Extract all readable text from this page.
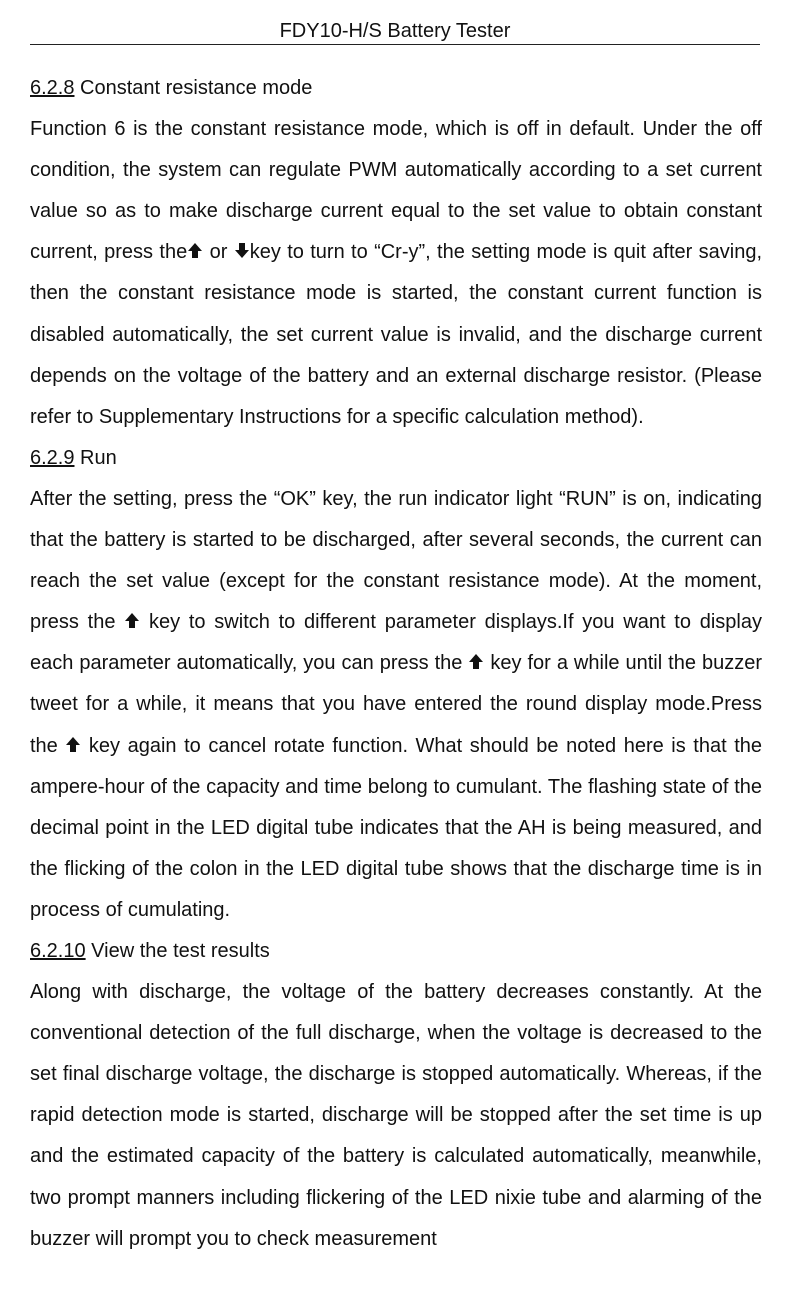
FDY10-H/S Battery Tester

6.2.8 Constant resistance mode

Function 6 is the constant resistance mode, which is off in default. Under the off condition, the system can regulate PWM automatically according to a set current value so as to make discharge current equal to the set value to obtain constant current, press the
or
key to turn to “Cr-y”, the setting mode is quit after saving, then the constant resistance mode is started, the constant current function is disabled automatically, the set current value is invalid, and the discharge current depends on the voltage of the battery and an external discharge resistor. (Please refer to Supplementary Instructions for a specific calculation method).

6.2.9 Run

After the setting, press the “OK” key, the run indicator light “RUN” is on, indicating that the battery is started to be discharged, after several seconds, the current can reach the set value (except for the constant resistance mode). At the moment, press the
key to switch to different parameter displays.If you want to display each parameter automatically, you can press the
key for a while until the buzzer tweet for a while, it means that you have entered the round display mode.Press the
key again to cancel rotate function. What should be noted here is that the ampere-hour of the capacity and time belong to cumulant. The flashing state of the decimal point in the LED digital tube indicates that the AH is being measured, and the flicking of the colon in the LED digital tube shows that the discharge time is in process of cumulating.

6.2.10 View the test results

Along with discharge, the voltage of the battery decreases constantly. At the conventional detection of the full discharge, when the voltage is decreased to the set final discharge voltage, the discharge is stopped automatically. Whereas, if the rapid detection mode is started, discharge will be stopped after the set time is up and the estimated capacity of the battery is calculated automatically, meanwhile, two prompt manners including flickering of the LED nixie tube and alarming of the buzzer will prompt you to check measurement
